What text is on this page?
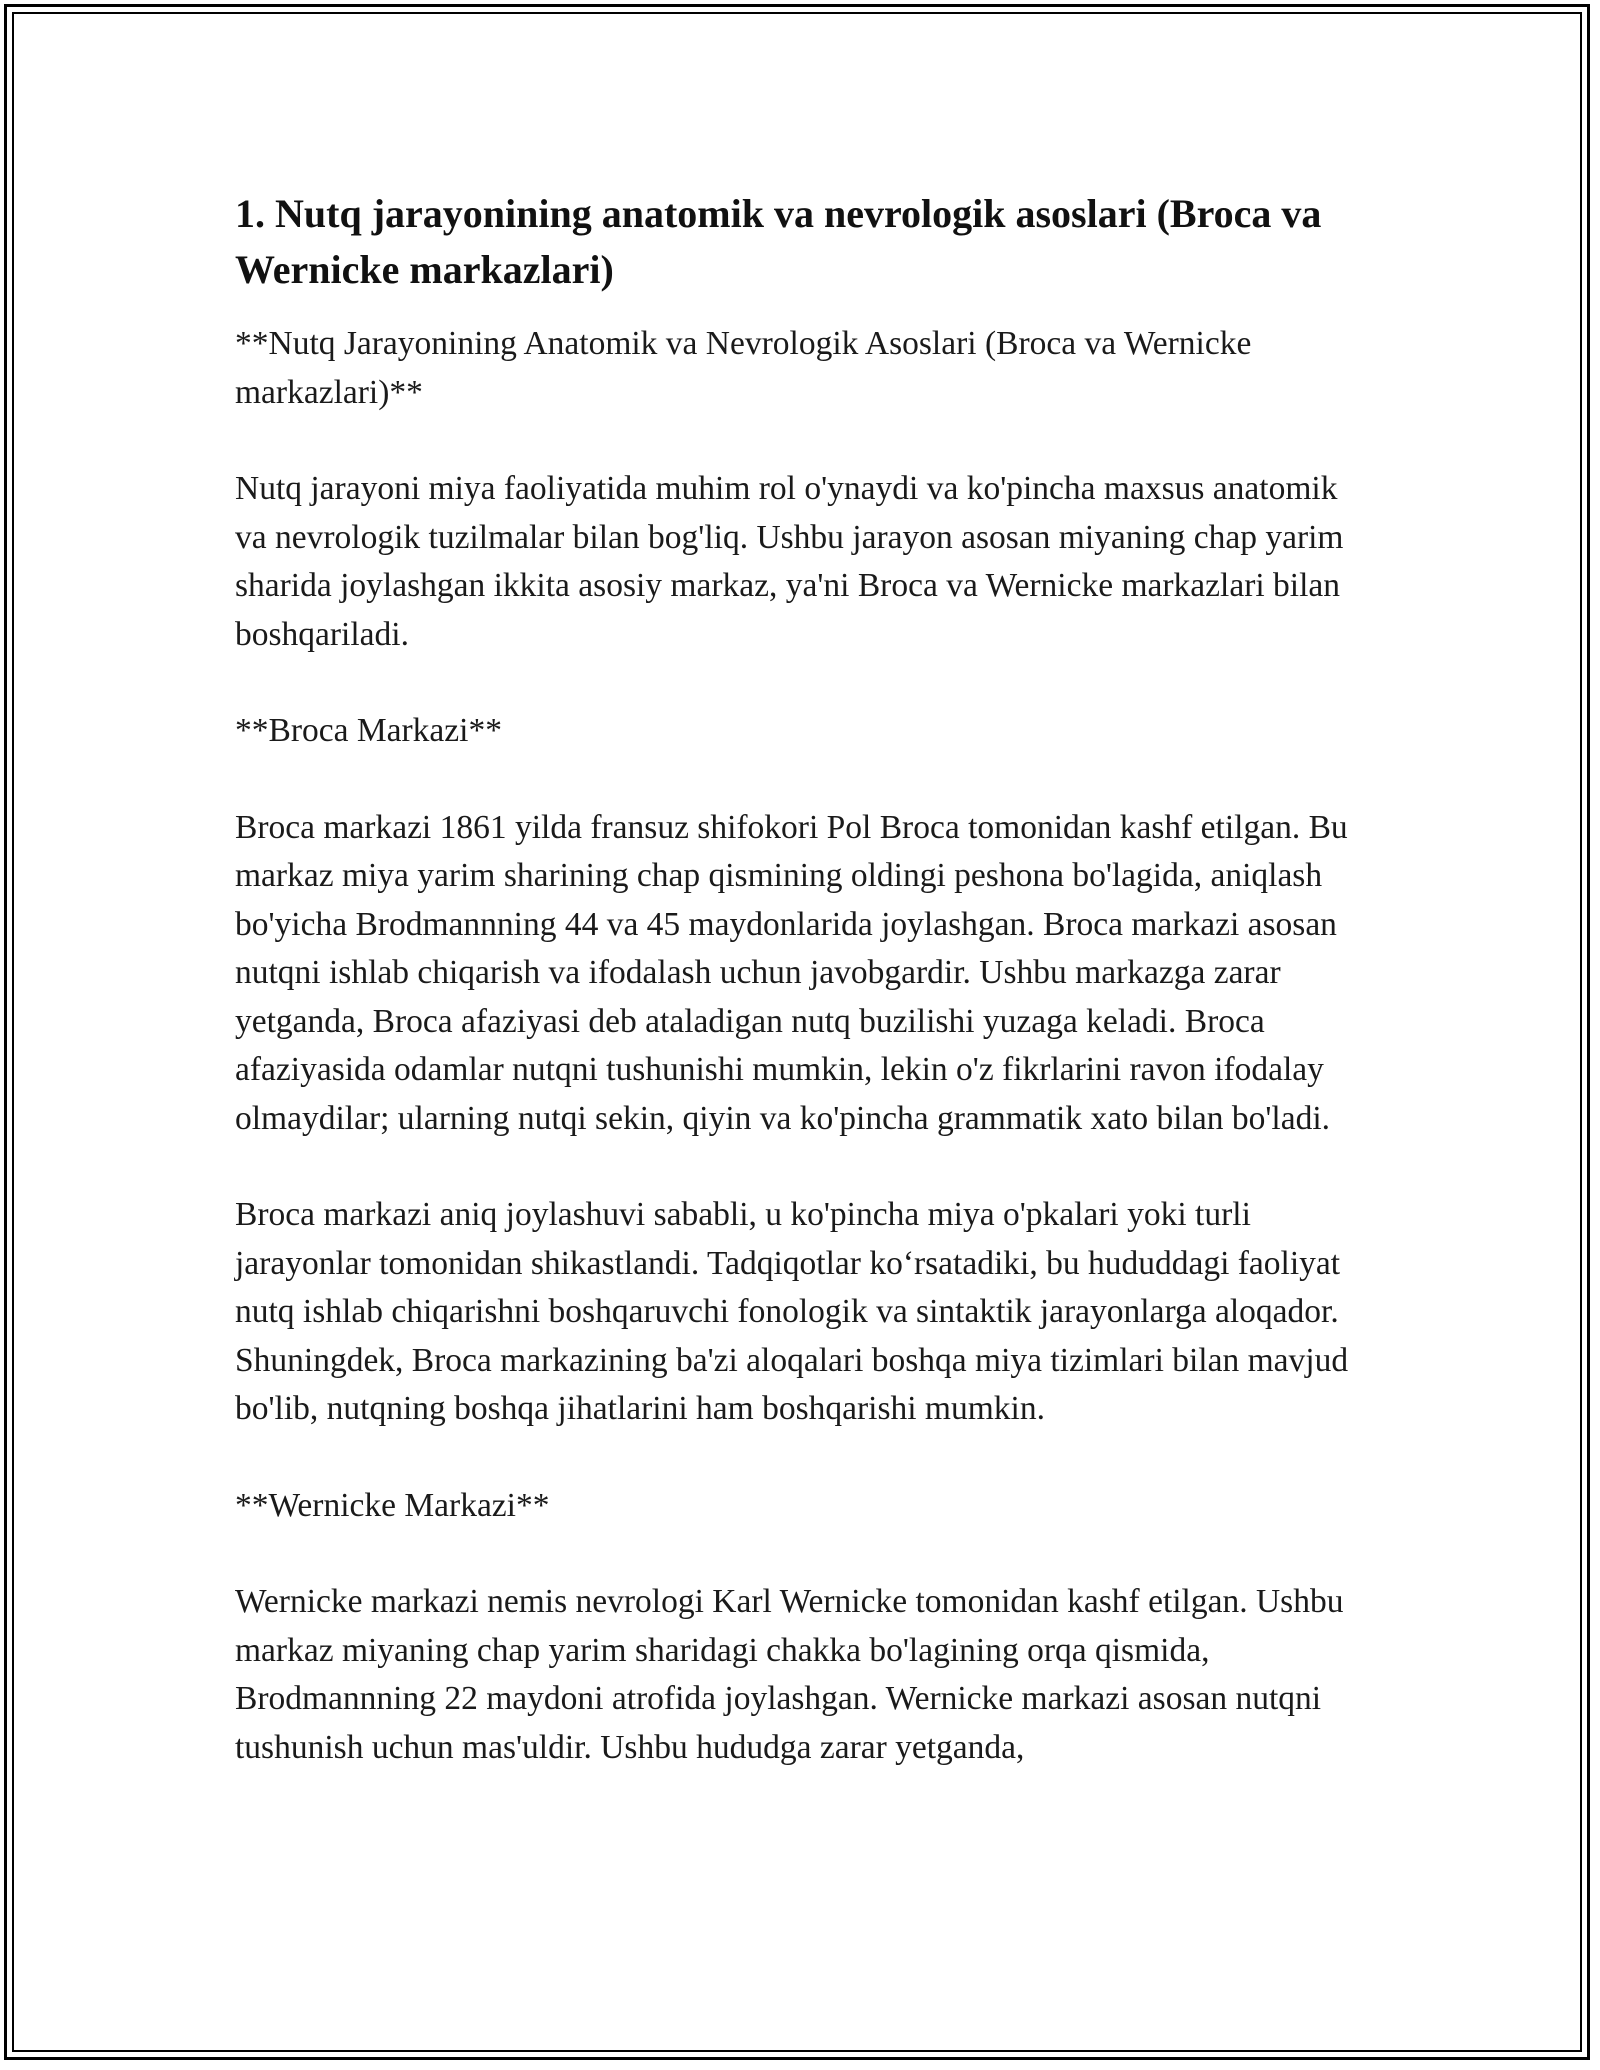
1. Nutq jarayonining anatomik va nevrologik asoslari (Broca va Wernicke markazlari)

**Nutq Jarayonining Anatomik va Nevrologik Asoslari (Broca va Wernicke markazlari)**

Nutq jarayoni miya faoliyatida muhim rol o'ynaydi va ko'pincha maxsus anatomik va nevrologik tuzilmalar bilan bog'liq. Ushbu jarayon asosan miyaning chap yarim sharida joylashgan ikkita asosiy markaz, ya'ni Broca va Wernicke markazlari bilan boshqariladi.

**Broca Markazi**

Broca markazi 1861 yilda fransuz shifokori Pol Broca tomonidan kashf etilgan. Bu markaz miya yarim sharining chap qismining oldingi peshona bo'lagida, aniqlash bo'yicha Brodmannning 44 va 45 maydonlarida joylashgan. Broca markazi asosan nutqni ishlab chiqarish va ifodalash uchun javobgardir. Ushbu markazga zarar yetganda, Broca afaziyasi deb ataladigan nutq buzilishi yuzaga keladi. Broca afaziyasida odamlar nutqni tushunishi mumkin, lekin o'z fikrlarini ravon ifodalay olmaydilar; ularning nutqi sekin, qiyin va ko'pincha grammatik xato bilan bo'ladi.

Broca markazi aniq joylashuvi sababli, u ko'pincha miya o'pkalari yoki turli jarayonlar tomonidan shikastlandi. Tadqiqotlar ko‘rsatadiki, bu hududdagi faoliyat nutq ishlab chiqarishni boshqaruvchi fonologik va sintaktik jarayonlarga aloqador. Shuningdek, Broca markazining ba'zi aloqalari boshqa miya tizimlari bilan mavjud bo'lib, nutqning boshqa jihatlarini ham boshqarishi mumkin.

**Wernicke Markazi**

Wernicke markazi nemis nevrologi Karl Wernicke tomonidan kashf etilgan. Ushbu markaz miyaning chap yarim sharidagi chakka bo'lagining orqa qismida, Brodmannning 22 maydoni atrofida joylashgan. Wernicke markazi asosan nutqni tushunish uchun mas'uldir. Ushbu hududga zarar yetganda,
